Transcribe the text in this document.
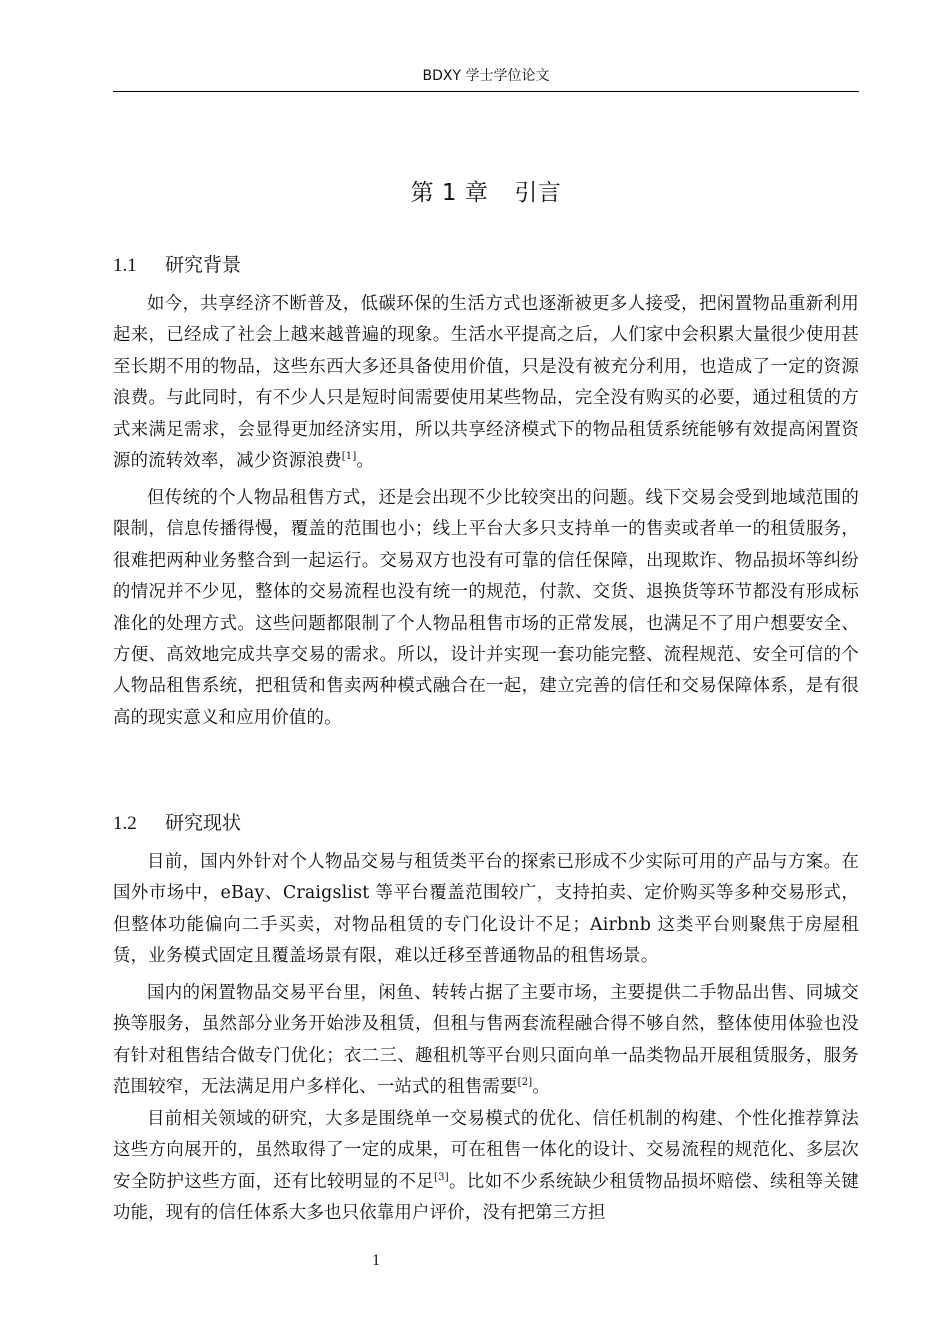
BDXY 学士学位论文
第 1 章 引言
1.1 研究背景

如今，共享经济不断普及，低碳环保的生活方式也逐渐被更多人接受，把闲置物品重新利用起来，已经成了社会上越来越普遍的现象。生活水平提高之后，人们家中会积累大量很少使用甚至长期不用的物品，这些东西大多还具备使用价值，只是没有被充分利用，也造成了一定的资源浪费。与此同时，有不少人只是短时间需要使用某些物品，完全没有购买的必要，通过租赁的方式来满足需求，会显得更加经济实用，所以共享经济模式下的物品租赁系统能够有效提高闲置资源的流转效率，减少资源浪费[1]。

但传统的个人物品租售方式，还是会出现不少比较突出的问题。线下交易会受到地域范围的限制，信息传播得慢，覆盖的范围也小；线上平台大多只支持单一的售卖或者单一的租赁服务，很难把两种业务整合到一起运行。交易双方也没有可靠的信任保障，出现欺诈、物品损坏等纠纷的情况并不少见，整体的交易流程也没有统一的规范，付款、交货、退换货等环节都没有形成标准化的处理方式。这些问题都限制了个人物品租售市场的正常发展，也满足不了用户想要安全、方便、高效地完成共享交易的需求。所以，设计并实现一套功能完整、流程规范、安全可信的个人物品租售系统，把租赁和售卖两种模式融合在一起，建立完善的信任和交易保障体系，是有很高的现实意义和应用价值的。

1.2 研究现状

目前，国内外针对个人物品交易与租赁类平台的探索已形成不少实际可用的产品与方案。在国外市场中，eBay、Craigslist 等平台覆盖范围较广，支持拍卖、定价购买等多种交易形式，但整体功能偏向二手买卖，对物品租赁的专门化设计不足；Airbnb 这类平台则聚焦于房屋租赁，业务模式固定且覆盖场景有限，难以迁移至普通物品的租售场景。

国内的闲置物品交易平台里，闲鱼、转转占据了主要市场，主要提供二手物品出售、同城交换等服务，虽然部分业务开始涉及租赁，但租与售两套流程融合得不够自然，整体使用体验也没有针对租售结合做专门优化；衣二三、趣租机等平台则只面向单一品类物品开展租赁服务，服务范围较窄，无法满足用户多样化、一站式的租售需要[2]。

目前相关领域的研究，大多是围绕单一交易模式的优化、信任机制的构建、个性化推荐算法这些方向展开的，虽然取得了一定的成果，可在租售一体化的设计、交易流程的规范化、多层次安全防护这些方面，还有比较明显的不足[3]。比如不少系统缺少租赁物品损坏赔偿、续租等关键功能，现有的信任体系大多也只依靠用户评价，没有把第三方担

1
